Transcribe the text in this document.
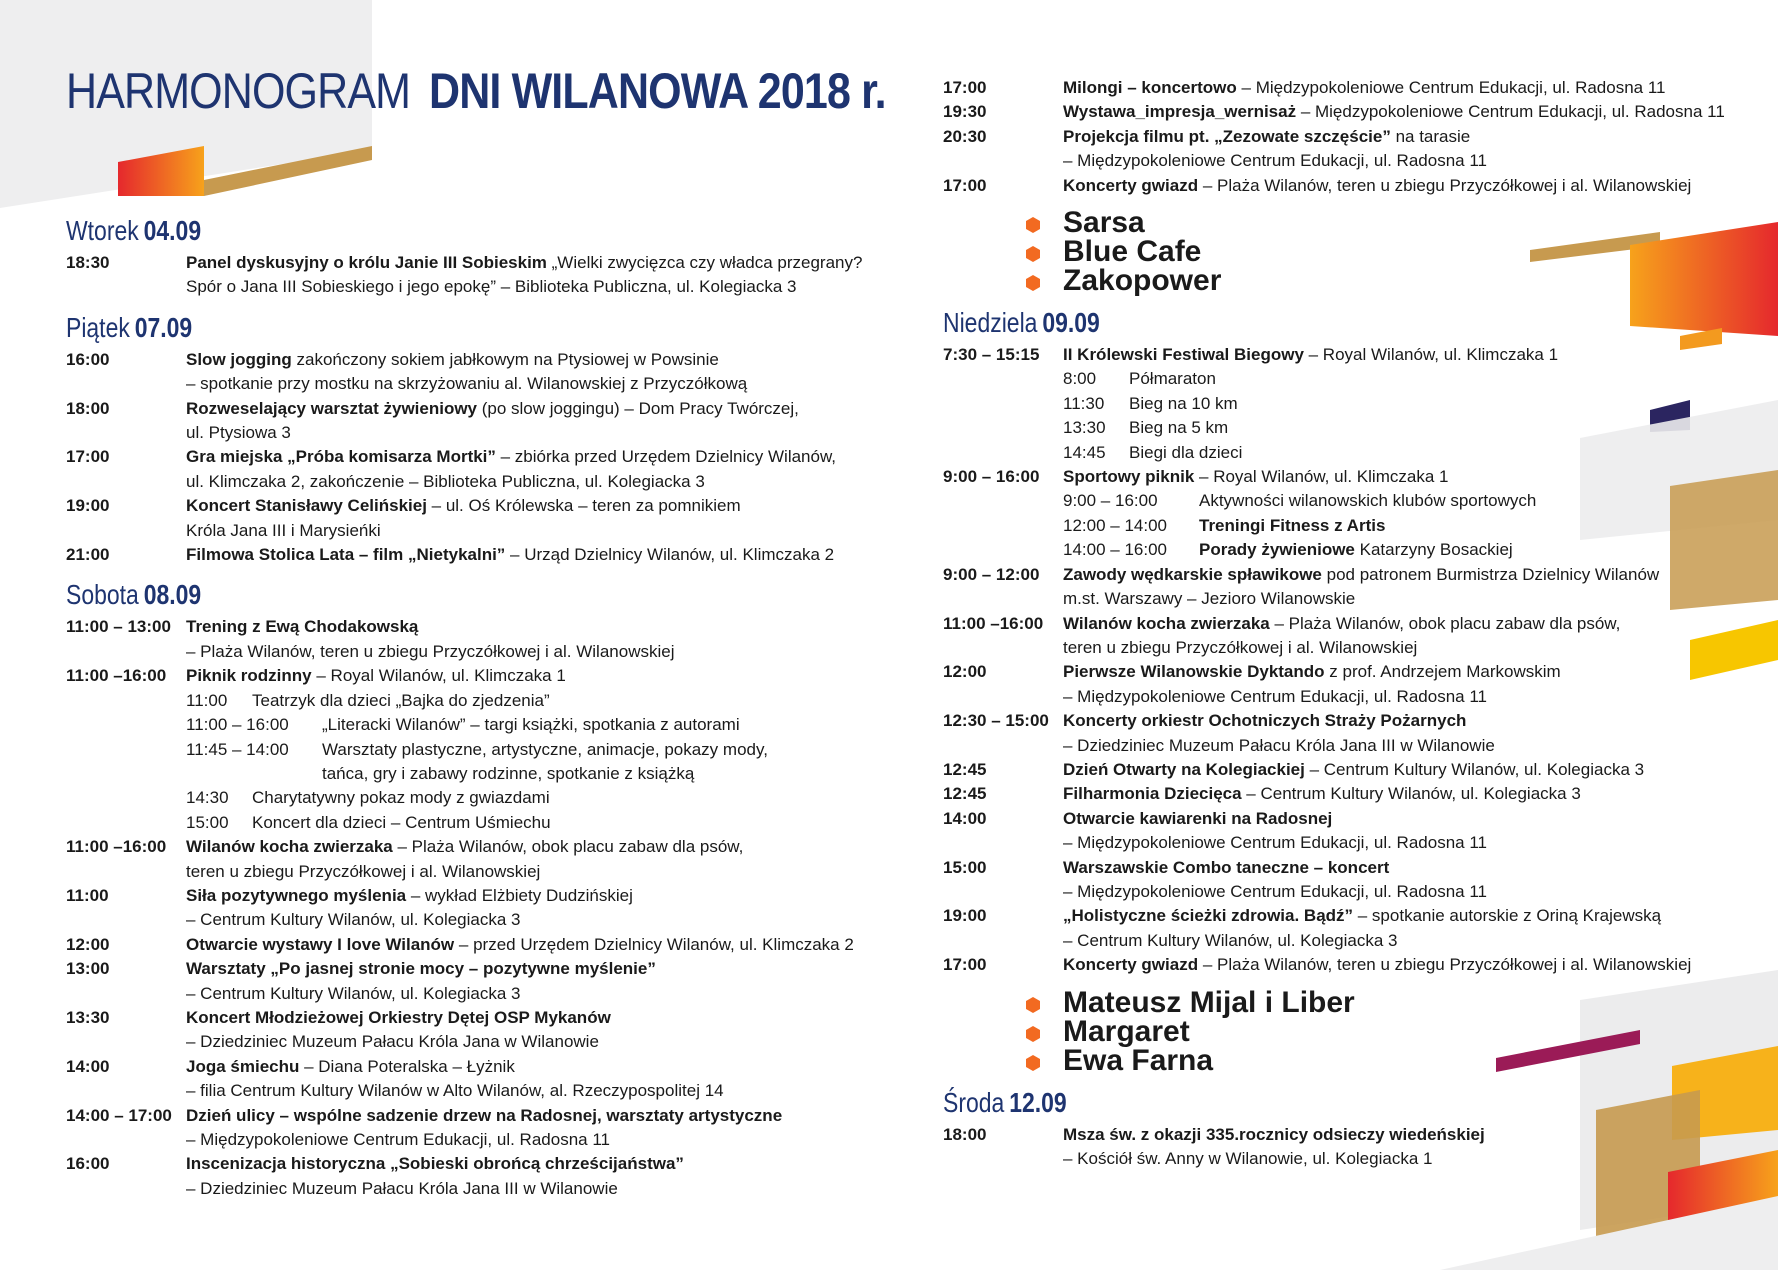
HARMONOGRAM DNI WILANOWA 2018 r.
Wtorek 04.09
18:30	Panel dyskusyjny o królu Janie III Sobieskim „Wielki zwycięzca czy władca przegrany?
Spór o Jana III Sobieskiego i jego epokę” – Biblioteka Publiczna, ul. Kolegiacka 3
Piątek 07.09
16:00	Slow jogging zakończony sokiem jabłkowym na Ptysiowej w Powsinie
– spotkanie przy mostku na skrzyżowaniu al. Wilanowskiej z Przyczółkową
18:00	Rozweselający warsztat żywieniowy (po slow joggingu) – Dom Pracy Twórczej,
ul. Ptysiowa 3
17:00	Gra miejska „Próba komisarza Mortki” – zbiórka przed Urzędem Dzielnicy Wilanów,
ul. Klimczaka 2, zakończenie – Biblioteka Publiczna, ul. Kolegiacka 3
19:00	Koncert Stanisławy Celińskiej – ul. Oś Królewska – teren za pomnikiem
Króla Jana III i Marysieńki
21:00	Filmowa Stolica Lata – film „Nietykalni” – Urząd Dzielnicy Wilanów, ul. Klimczaka 2
Sobota 08.09
11:00 – 13:00 Trening z Ewą Chodakowską
– Plaża Wilanów, teren u zbiegu Przyczółkowej i al. Wilanowskiej
11:00 –16:00 Piknik rodzinny – Royal Wilanów, ul. Klimczaka 1
11:00 Teatrzyk dla dzieci „Bajka do zjedzenia”
11:00 – 16:00 „Literacki Wilanów” – targi książki, spotkania z autorami
11:45 – 14:00 Warsztaty plastyczne, artystyczne, animacje, pokazy mody,
tańca, gry i zabawy rodzinne, spotkanie z książką
14:30 Charytatywny pokaz mody z gwiazdami
15:00 Koncert dla dzieci – Centrum Uśmiechu
11:00 –16:00 Wilanów kocha zwierzaka – Plaża Wilanów, obok placu zabaw dla psów,
teren u zbiegu Przyczółkowej i al. Wilanowskiej
11:00	Siła pozytywnego myślenia – wykład Elżbiety Dudzińskiej
– Centrum Kultury Wilanów, ul. Kolegiacka 3
12:00	Otwarcie wystawy I love Wilanów – przed Urzędem Dzielnicy Wilanów, ul. Klimczaka 2
13:00	Warsztaty „Po jasnej stronie mocy – pozytywne myślenie”
– Centrum Kultury Wilanów, ul. Kolegiacka 3
13:30	Koncert Młodzieżowej Orkiestry Dętej OSP Mykanów
– Dziedziniec Muzeum Pałacu Króla Jana w Wilanowie
14:00	Joga śmiechu – Diana Poteralska – Łyżnik
– filia Centrum Kultury Wilanów w Alto Wilanów, al. Rzeczypospolitej 14
14:00 – 17:00 Dzień ulicy – wspólne sadzenie drzew na Radosnej, warsztaty artystyczne
– Międzypokoleniowe Centrum Edukacji, ul. Radosna 11
16:00	Inscenizacja historyczna „Sobieski obrońcą chrześcijaństwa”
– Dziedziniec Muzeum Pałacu Króla Jana III w Wilanowie
17:00	Milongi – koncertowo – Międzypokoleniowe Centrum Edukacji, ul. Radosna 11
19:30	Wystawa_impresja_wernisaż – Międzypokoleniowe Centrum Edukacji, ul. Radosna 11
20:30	Projekcja filmu pt. „Zezowate szczęście” na tarasie
– Międzypokoleniowe Centrum Edukacji, ul. Radosna 11
17:00	Koncerty gwiazd – Plaża Wilanów, teren u zbiegu Przyczółkowej i al. Wilanowskiej
Sarsa
Blue Cafe
Zakopower
Niedziela 09.09
7:30 – 15:15 II Królewski Festiwal Biegowy – Royal Wilanów, ul. Klimczaka 1
8:00 Półmaraton
11:30 Bieg na 10 km
13:30 Bieg na 5 km
14:45 Biegi dla dzieci
9:00 – 16:00 Sportowy piknik – Royal Wilanów, ul. Klimczaka 1
9:00 – 16:00 Aktywności wilanowskich klubów sportowych
12:00 – 14:00 Treningi Fitness z Artis
14:00 – 16:00 Porady żywieniowe Katarzyny Bosackiej
9:00 – 12:00 Zawody wędkarskie spławikowe pod patronem Burmistrza Dzielnicy Wilanów
m.st. Warszawy – Jezioro Wilanowskie
11:00 –16:00 Wilanów kocha zwierzaka – Plaża Wilanów, obok placu zabaw dla psów,
teren u zbiegu Przyczółkowej i al. Wilanowskiej
12:00	Pierwsze Wilanowskie Dyktando z prof. Andrzejem Markowskim
– Międzypokoleniowe Centrum Edukacji, ul. Radosna 11
12:30 – 15:00 Koncerty orkiestr Ochotniczych Straży Pożarnych
– Dziedziniec Muzeum Pałacu Króla Jana III w Wilanowie
12:45	Dzień Otwarty na Kolegiackiej – Centrum Kultury Wilanów, ul. Kolegiacka 3
12:45	Filharmonia Dziecięca – Centrum Kultury Wilanów, ul. Kolegiacka 3
14:00	Otwarcie kawiarenki na Radosnej
– Międzypokoleniowe Centrum Edukacji, ul. Radosna 11
15:00	Warszawskie Combo taneczne – koncert
– Międzypokoleniowe Centrum Edukacji, ul. Radosna 11
19:00	„Holistyczne ścieżki zdrowia. Bądź” – spotkanie autorskie z Oriną Krajewską
– Centrum Kultury Wilanów, ul. Kolegiacka 3
17:00	Koncerty gwiazd – Plaża Wilanów, teren u zbiegu Przyczółkowej i al. Wilanowskiej
Mateusz Mijal i Liber
Margaret
Ewa Farna
Środa 12.09
18:00	Msza św. z okazji 335.rocznicy odsieczy wiedeńskiej
– Kościół św. Anny w Wilanowie, ul. Kolegiacka 1
